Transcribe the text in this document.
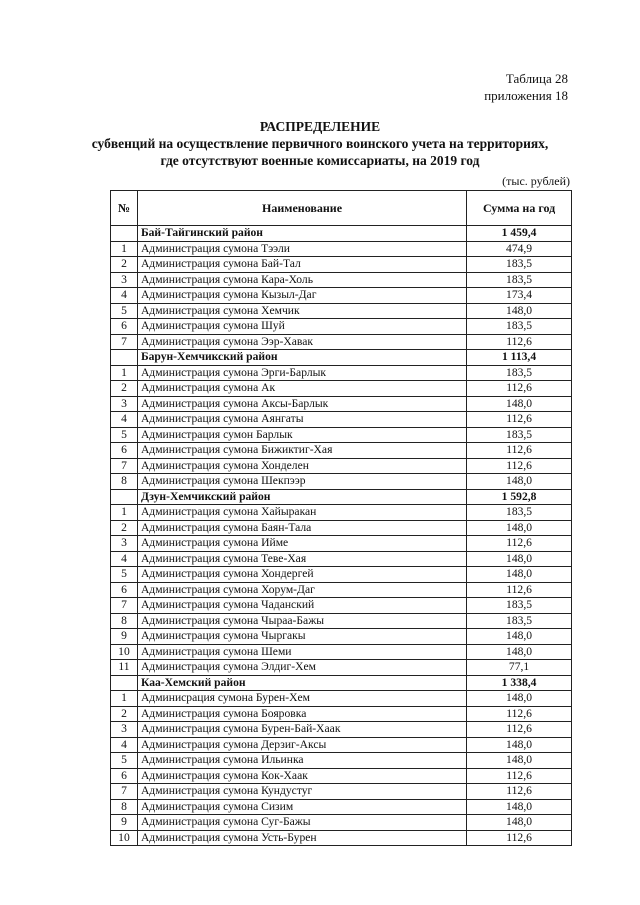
Таблица 28
приложения 18
РАСПРЕДЕЛЕНИЕ
субвенций на осуществление первичного воинского учета на территориях,
где отсутствуют военные комиссариаты, на 2019 год
(тыс. рублей)
№	Наименование	Сумма на год
	Бай-Тайгинский район	1 459,4
1	Администрация сумона Тээли	474,9
2	Администрация сумона Бай-Тал	183,5
3	Администрация сумона Кара-Холь	183,5
4	Администрация сумона Кызыл-Даг	173,4
5	Администрация сумона Хемчик	148,0
6	Администрация сумона Шуй	183,5
7	Администрация сумона Ээр-Хавак	112,6
	Барун-Хемчикский район	1 113,4
1	Администрация сумона Эрги-Барлык	183,5
2	Администрация сумона Ак	112,6
3	Администрация сумона Аксы-Барлык	148,0
4	Администрация сумона Аянгаты	112,6
5	Администрация сумон Барлык	183,5
6	Администрация сумона Бижиктиг-Хая	112,6
7	Администрация сумона Хонделен	112,6
8	Администрация сумона Шекпээр	148,0
	Дзун-Хемчикский район	1 592,8
1	Администрация сумона Хайыракан	183,5
2	Администрация сумона Баян-Тала	148,0
3	Администрация сумона Ийме	112,6
4	Администрация сумона Теве-Хая	148,0
5	Администрация сумона Хондергей	148,0
6	Администрация сумона Хорум-Даг	112,6
7	Администрация сумона Чаданский	183,5
8	Администрация сумона Чыраа-Бажы	183,5
9	Администрация сумона Чыргакы	148,0
10	Администрация сумона Шеми	148,0
11	Администрация сумона Элдиг-Хем	77,1
	Каа-Хемский район	1 338,4
1	Админисрация сумона Бурен-Хем	148,0
2	Администрация сумона Бояровка	112,6
3	Администрация сумона Бурен-Бай-Хаак	112,6
4	Администрация сумона Дерзиг-Аксы	148,0
5	Администрация сумона Ильинка	148,0
6	Администрация сумона Кок-Хаак	112,6
7	Администрация сумона Кундустуг	112,6
8	Администрация сумона Сизим	148,0
9	Администрация сумона Суг-Бажы	148,0
10	Администрация сумона Усть-Бурен	112,6
